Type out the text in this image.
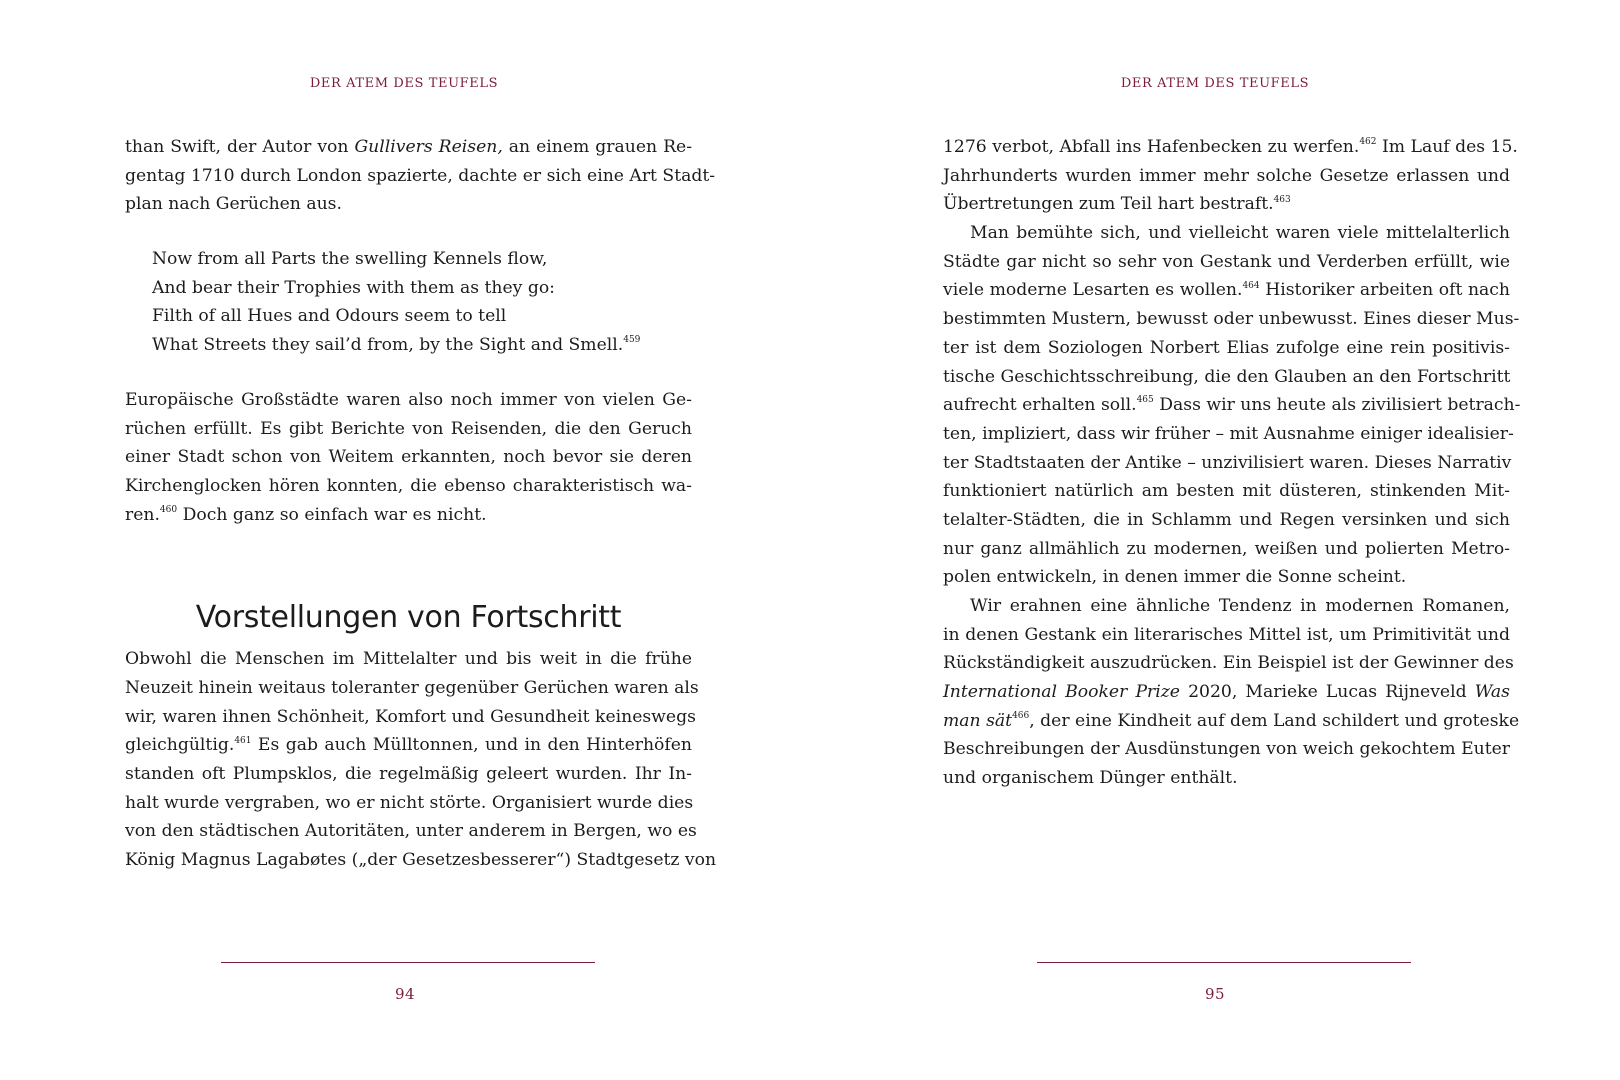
DER ATEM DES TEUFELS
than Swift, der Autor von Gullivers Reisen, an einem grauen Re-
gentag 1710 durch London spazierte, dachte er sich eine Art Stadt-
plan nach Gerüchen aus.
Now from all Parts the swelling Kennels flow,
And bear their Trophies with them as they go:
Filth of all Hues and Odours seem to tell
What Streets they sail’d from, by the Sight and Smell.$^{459}$
Europäische Großstädte waren also noch immer von vielen Ge-
rüchen erfüllt. Es gibt Berichte von Reisenden, die den Geruch
einer Stadt schon von Weitem erkannten, noch bevor sie deren
Kirchenglocken hören konnten, die ebenso charakteristisch wa-
ren.$^{460}$ Doch ganz so einfach war es nicht.
Vorstellungen von Fortschritt
Obwohl die Menschen im Mittelalter und bis weit in die frühe
Neuzeit hinein weitaus toleranter gegenüber Gerüchen waren als
wir, waren ihnen Schönheit, Komfort und Gesundheit keineswegs
gleichgültig.$^{461}$ Es gab auch Mülltonnen, und in den Hinterhöfen
standen oft Plumpsklos, die regelmäßig geleert wurden. Ihr In-
halt wurde vergraben, wo er nicht störte. Organisiert wurde dies
von den städtischen Autoritäten, unter anderem in Bergen, wo es
König Magnus Lagabøtes („der Gesetzesbesserer“) Stadtgesetz von
94
DER ATEM DES TEUFELS
1276 verbot, Abfall ins Hafenbecken zu werfen.$^{462}$ Im Lauf des 15.
Jahrhunderts wurden immer mehr solche Gesetze erlassen und
Übertretungen zum Teil hart bestraft.$^{463}$
Man bemühte sich, und vielleicht waren viele mittelalterlich
Städte gar nicht so sehr von Gestank und Verderben erfüllt, wie
viele moderne Lesarten es wollen.$^{464}$ Historiker arbeiten oft nach
bestimmten Mustern, bewusst oder unbewusst. Eines dieser Mus-
ter ist dem Soziologen Norbert Elias zufolge eine rein positivis-
tische Geschichtsschreibung, die den Glauben an den Fortschritt
aufrecht erhalten soll.$^{465}$ Dass wir uns heute als zivilisiert betrach-
ten, impliziert, dass wir früher – mit Ausnahme einiger idealisier-
ter Stadtstaaten der Antike – unzivilisiert waren. Dieses Narrativ
funktioniert natürlich am besten mit düsteren, stinkenden Mit-
telalter-Städten, die in Schlamm und Regen versinken und sich
nur ganz allmählich zu modernen, weißen und polierten Metro-
polen entwickeln, in denen immer die Sonne scheint.
Wir erahnen eine ähnliche Tendenz in modernen Romanen,
in denen Gestank ein literarisches Mittel ist, um Primitivität und
Rückständigkeit auszudrücken. Ein Beispiel ist der Gewinner des
International Booker Prize 2020, Marieke Lucas Rijneveld Was
man sät$^{466}$, der eine Kindheit auf dem Land schildert und groteske
Beschreibungen der Ausdünstungen von weich gekochtem Euter
und organischem Dünger enthält.
95
